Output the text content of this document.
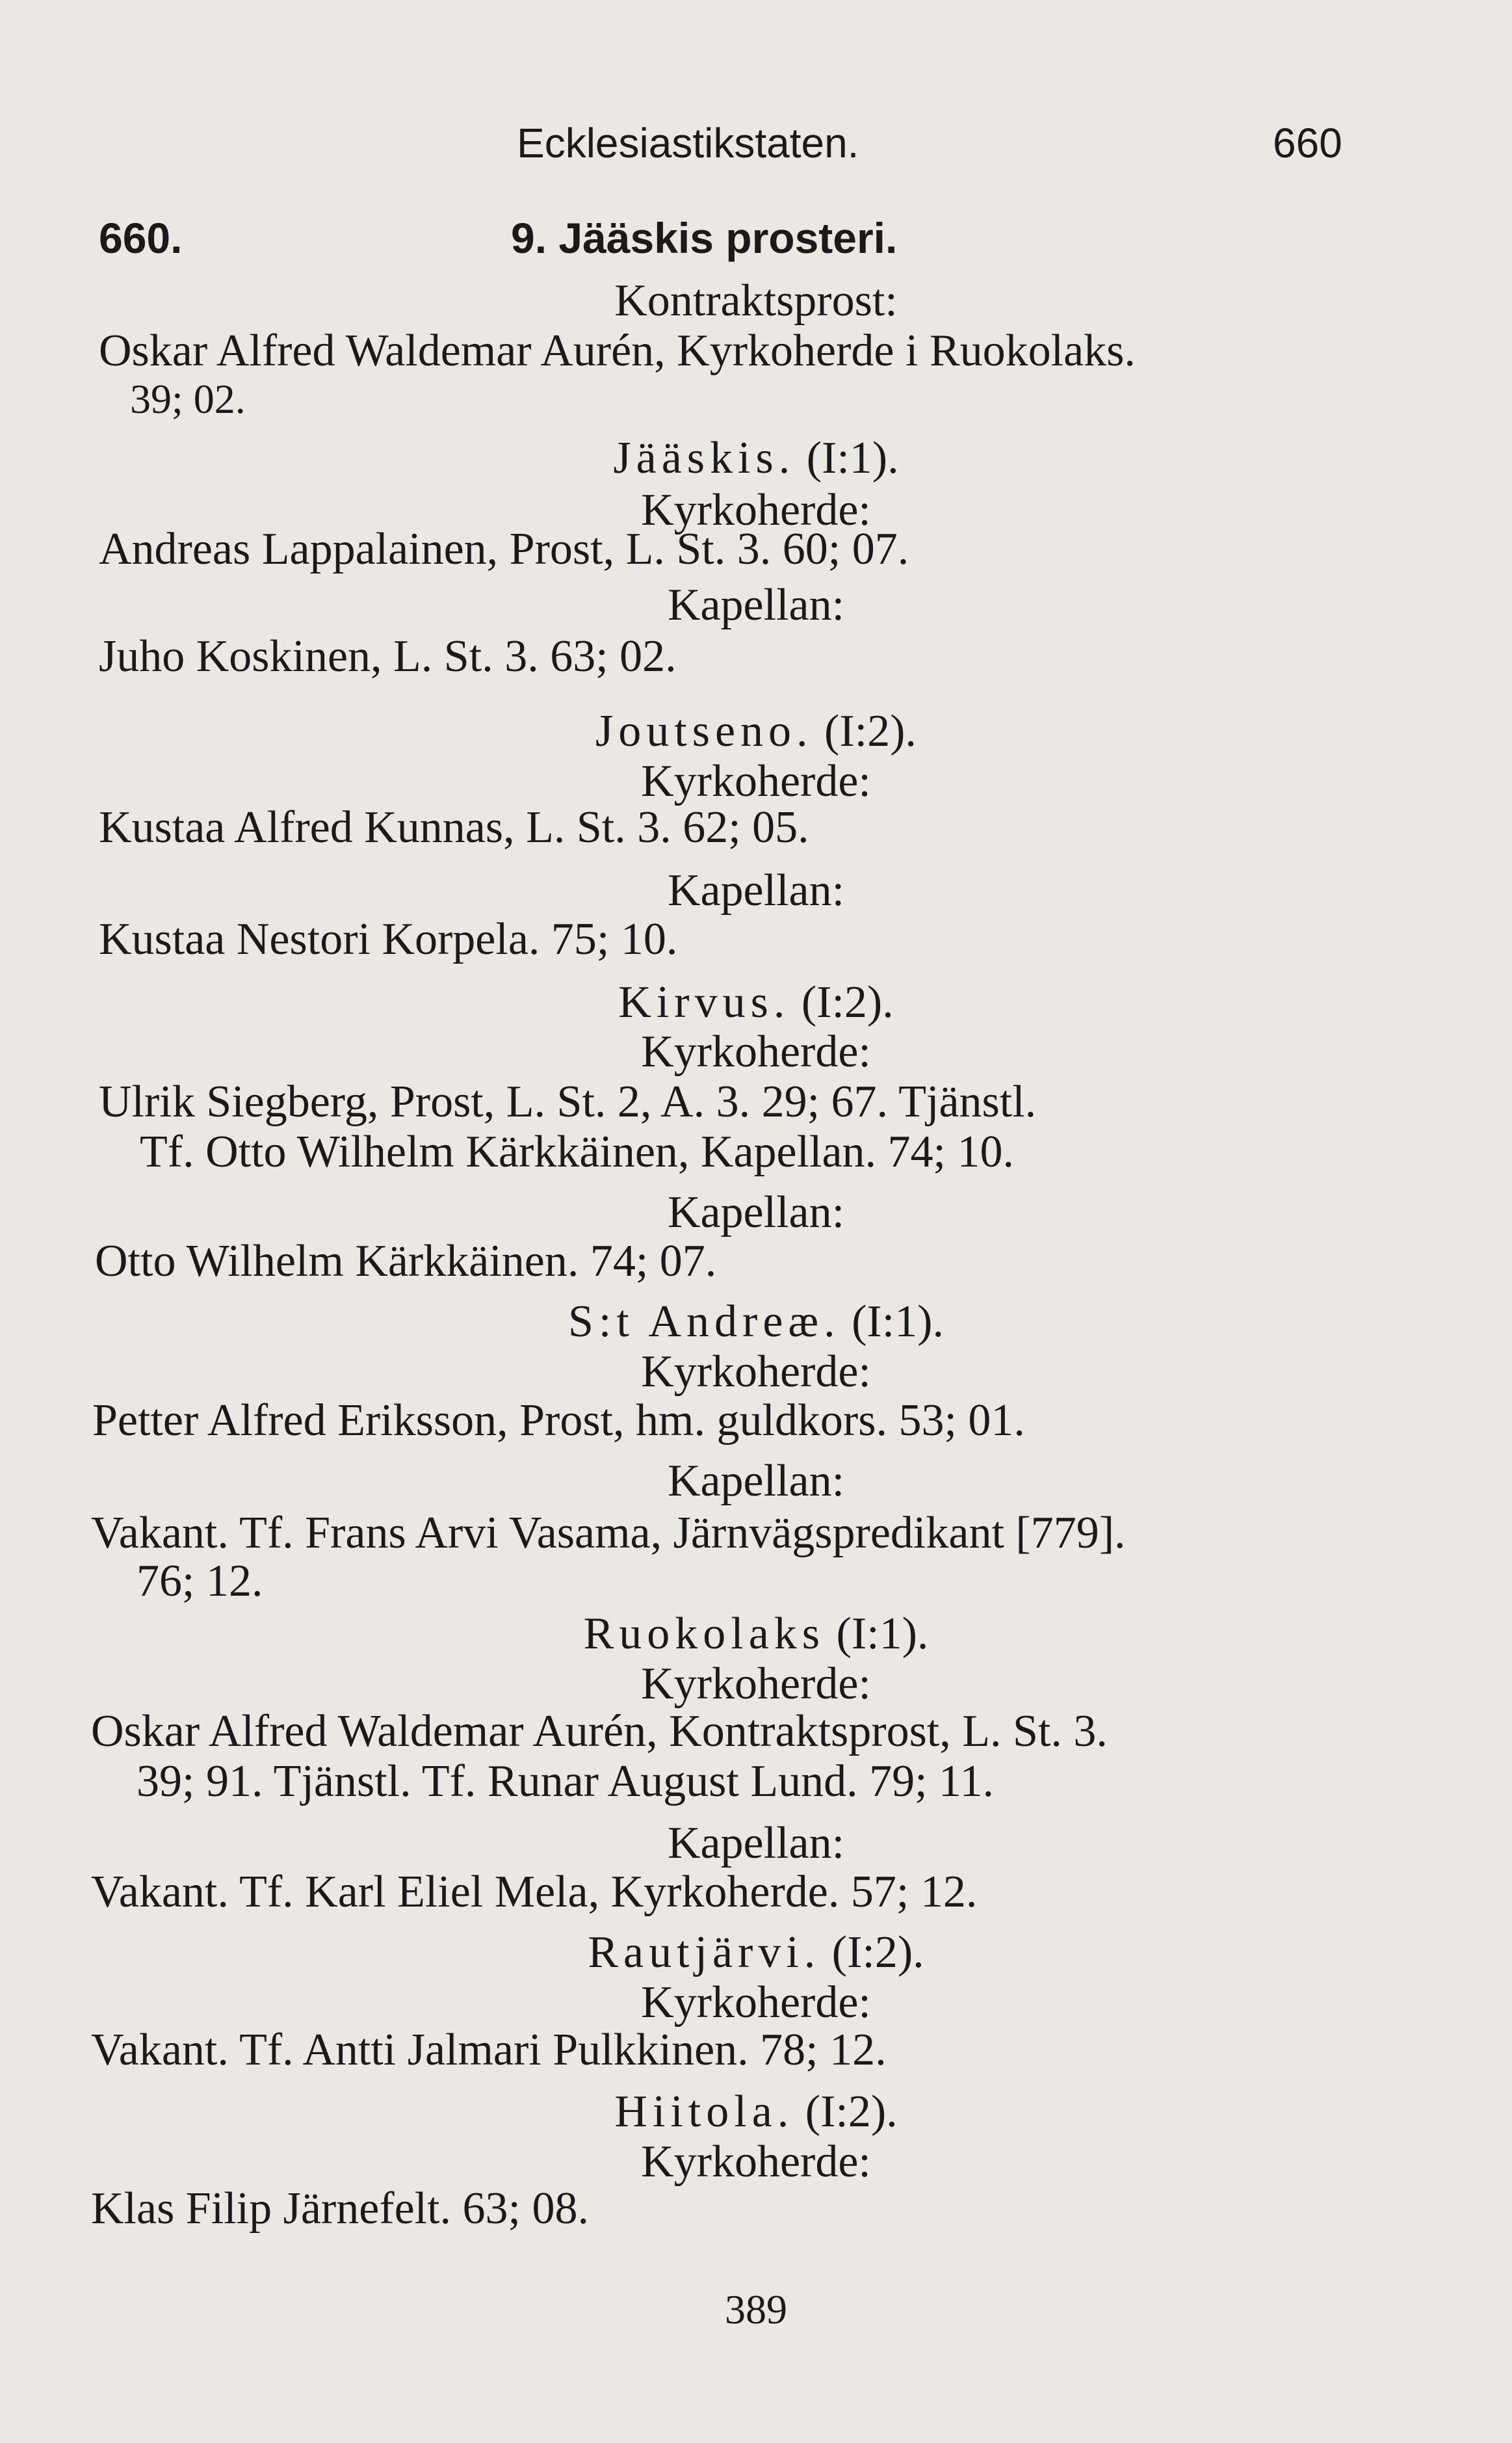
Ecklesiastikstaten.	660
660.	9. Jääskis prosteri.
Kontraktsprost:
Oskar Alfred Waldemar Aurén, Kyrkoherde i Ruokolaks.
39; 02.
Jääskis. (I:1).
Kyrkoherde:
Andreas Lappalainen, Prost, L. St. 3. 60; 07.
Kapellan:
Juho Koskinen, L. St. 3. 63; 02.
Joutseno. (I:2).
Kyrkoherde:
Kustaa Alfred Kunnas, L. St. 3. 62; 05.
Kapellan:
Kustaa Nestori Korpela. 75; 10.
Kirvus. (I:2).
Kyrkoherde:
Ulrik Siegberg, Prost, L. St. 2, A. 3. 29; 67. Tjänstl.
Tf. Otto Wilhelm Kärkkäinen, Kapellan. 74; 10.
Kapellan:
Otto Wilhelm Kärkkäinen. 74; 07.
S:t Andreæ. (I:1).
Kyrkoherde:
Petter Alfred Eriksson, Prost, hm. guldkors. 53; 01.
Kapellan:
Vakant. Tf. Frans Arvi Vasama, Järnvägspredikant [779].
76; 12.
Ruokolaks (I:1).
Kyrkoherde:
Oskar Alfred Waldemar Aurén, Kontraktsprost, L. St. 3.
39; 91. Tjänstl. Tf. Runar August Lund. 79; 11.
Kapellan:
Vakant. Tf. Karl Eliel Mela, Kyrkoherde. 57; 12.
Rautjärvi. (I:2).
Kyrkoherde:
Vakant. Tf. Antti Jalmari Pulkkinen. 78; 12.
Hiitola. (I:2).
Kyrkoherde:
Klas Filip Järnefelt. 63; 08.
389
